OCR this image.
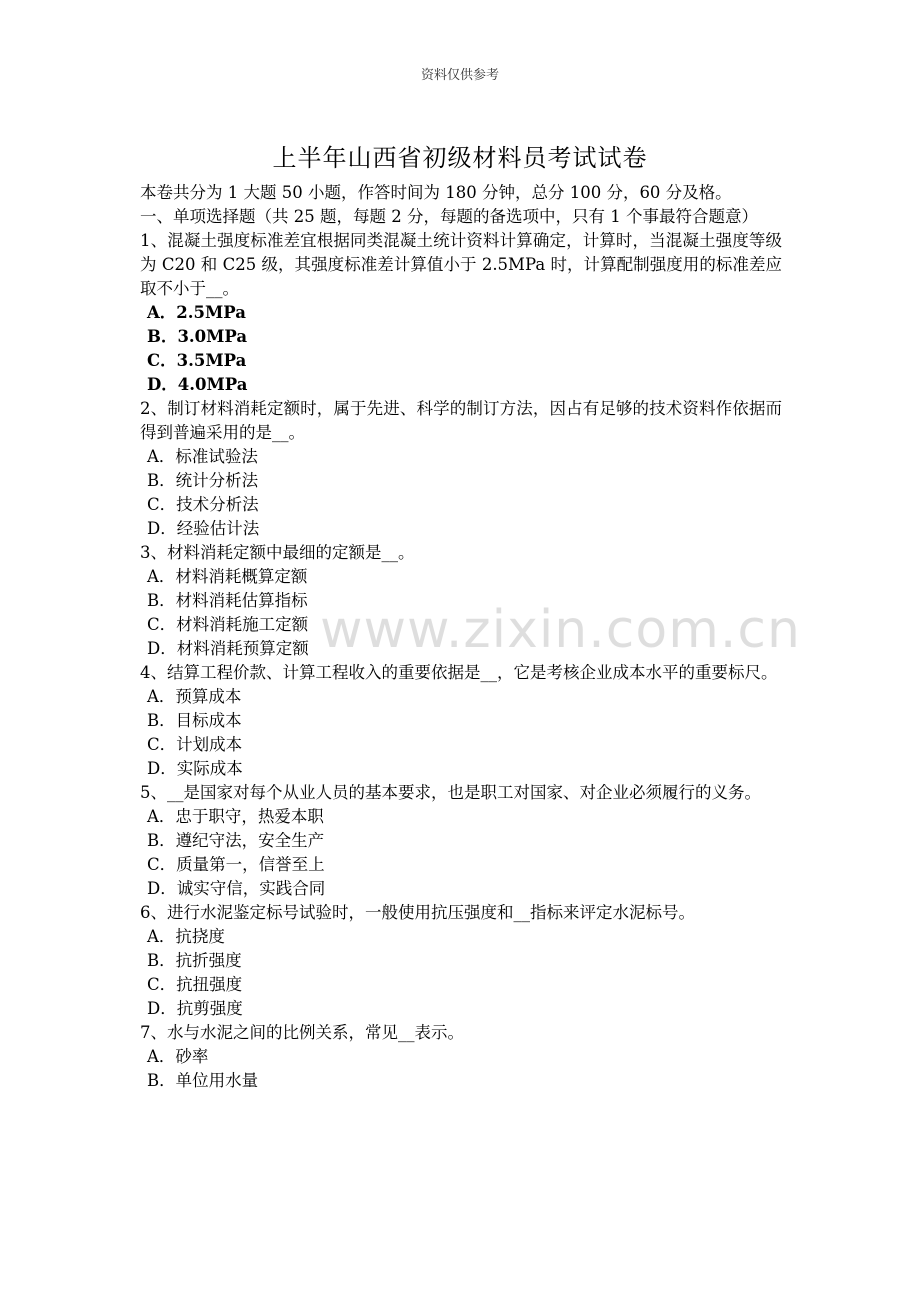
资料仅供参考
上半年山西省初级材料员考试试卷
本卷共分为 1 大题 50 小题，作答时间为 180 分钟，总分 100 分，60 分及格。
一、单项选择题（共 25 题，每题 2 分，每题的备选项中，只有 1 个事最符合题意）
1、混凝土强度标准差宜根据同类混凝土统计资料计算确定，计算时，当混凝土强度等级为 C20 和 C25 级，其强度标准差计算值小于 2.5MPa 时，计算配制强度用的标准差应取不小于__。
A．2.5MPa
B．3.0MPa
C．3.5MPa
D．4.0MPa
2、制订材料消耗定额时，属于先进、科学的制订方法，因占有足够的技术资料作依据而得到普遍采用的是__。
A．标准试验法
B．统计分析法
C．技术分析法
D．经验估计法
3、材料消耗定额中最细的定额是__。
A．材料消耗概算定额
B．材料消耗估算指标
C．材料消耗施工定额
D．材料消耗预算定额
4、结算工程价款、计算工程收入的重要依据是__，它是考核企业成本水平的重要标尺。
A．预算成本
B．目标成本
C．计划成本
D．实际成本
5、__是国家对每个从业人员的基本要求，也是职工对国家、对企业必须履行的义务。
A．忠于职守，热爱本职
B．遵纪守法，安全生产
C．质量第一，信誉至上
D．诚实守信，实践合同
6、进行水泥鉴定标号试验时，一般使用抗压强度和__指标来评定水泥标号。
A．抗挠度
B．抗折强度
C．抗扭强度
D．抗剪强度
7、水与水泥之间的比例关系，常见__表示。
A．砂率
B．单位用水量
www.zixin.com.cn
